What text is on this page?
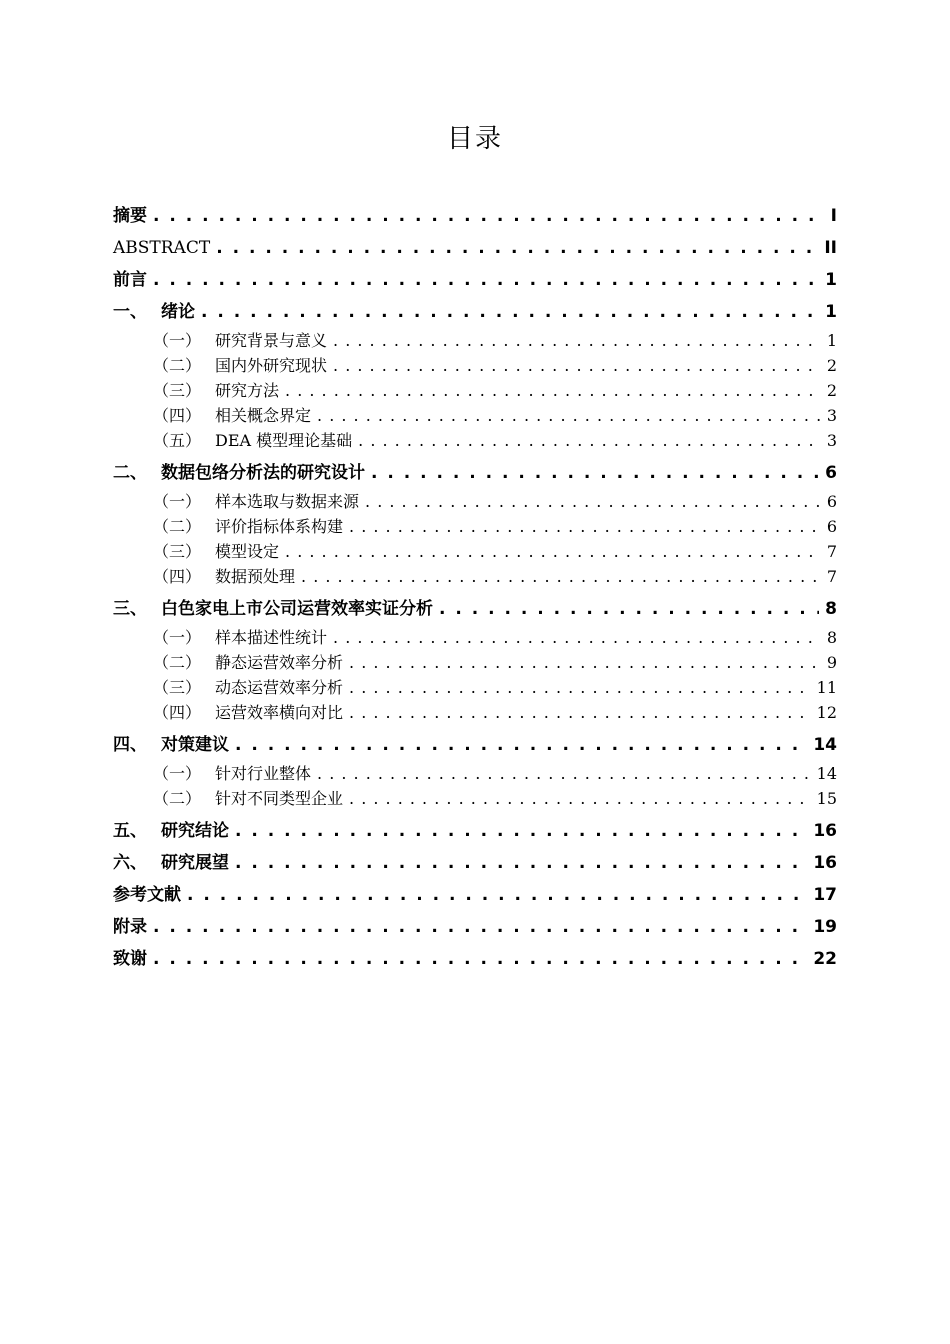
目录
摘要 . . .	I
ABSTRACT . . .	II
前言 . . .	1
一、 绪论 . . .	1
（一） 研究背景与意义 . . .	1
（二） 国内外研究现状 . . .	2
（三） 研究方法 . . .	2
（四） 相关概念界定 . . .	3
（五） DEA 模型理论基础 . . .	3
二、 数据包络分析法的研究设计 . . .	6
（一） 样本选取与数据来源 . . .	6
（二） 评价指标体系构建 . . .	6
（三） 模型设定 . . .	7
（四） 数据预处理 . . .	7
三、 白色家电上市公司运营效率实证分析 . . .	8
（一） 样本描述性统计 . . .	8
（二） 静态运营效率分析 . . .	9
（三） 动态运营效率分析 . . .	11
（四） 运营效率横向对比 . . .	12
四、 对策建议 . . .	14
（一） 针对行业整体 . . .	14
（二） 针对不同类型企业 . . .	15
五、 研究结论 . . .	16
六、 研究展望 . . .	16
参考文献 . . .	17
附录 . . .	19
致谢 . . .	22
